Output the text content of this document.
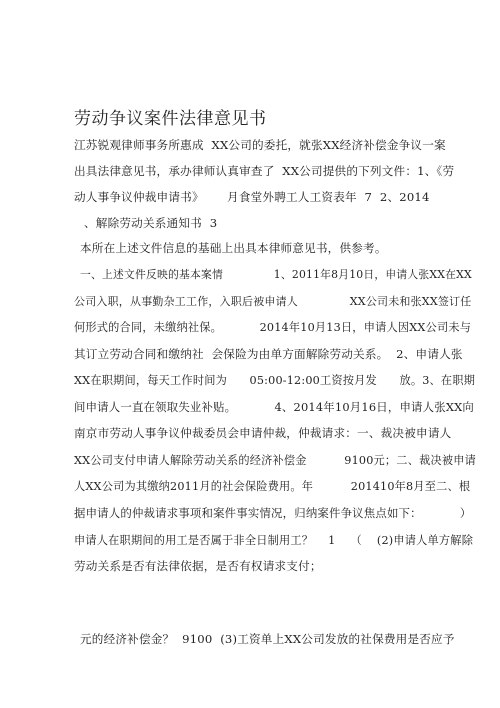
劳动争议案件法律意见书
江苏锐观律师事务所惠成  XX公司的委托，就张XX经济补偿金争议一案
出具法律意见书，承办律师认真审查了  XX公司提供的下列文件：1、《劳
动人事争议仲裁申请书》      月食堂外聘工人工资表年  7  2、2014
、解除劳动关系通知书  3
本所在上述文件信息的基础上出具本律师意见书，供参考。
一、上述文件反映的基本案情              1、2011年8月10日，申请人张XX在XX
公司入职，从事勤杂工工作，入职后被申请人              XX公司未和张XX签订任
何形式的合同，未缴纳社保。          2014年10月13日，申请人因XX公司未与
其订立劳动合同和缴纳社  会保险为由单方面解除劳动关系。  2、申请人张
XX在职期间，每天工作时间为      05:00-12:00工资按月发      放。3、在职期
间申请人一直在领取失业补贴。          4、2014年10月16日，申请人张XX向
南京市劳动人事争议仲裁委员会申请仲裁，仲裁请求：一、裁决被申请人
XX公司支付申请人解除劳动关系的经济补偿金          9100元；二、裁决被申请
人XX公司为其缴纳2011月的社会保险费用。年          201410年8月至二、根
据申请人的仲裁请求事项和案件事实情况，归纳案件争议焦点如下：          ）
申请人在职期间的用工是否属于非全日制用工？    1    （    (2)申请人单方解除
劳动关系是否有法律依据，是否有权请求支付；
元的经济补偿金？  9100  (3)工资单上XX公司发放的社保费用是否应予
